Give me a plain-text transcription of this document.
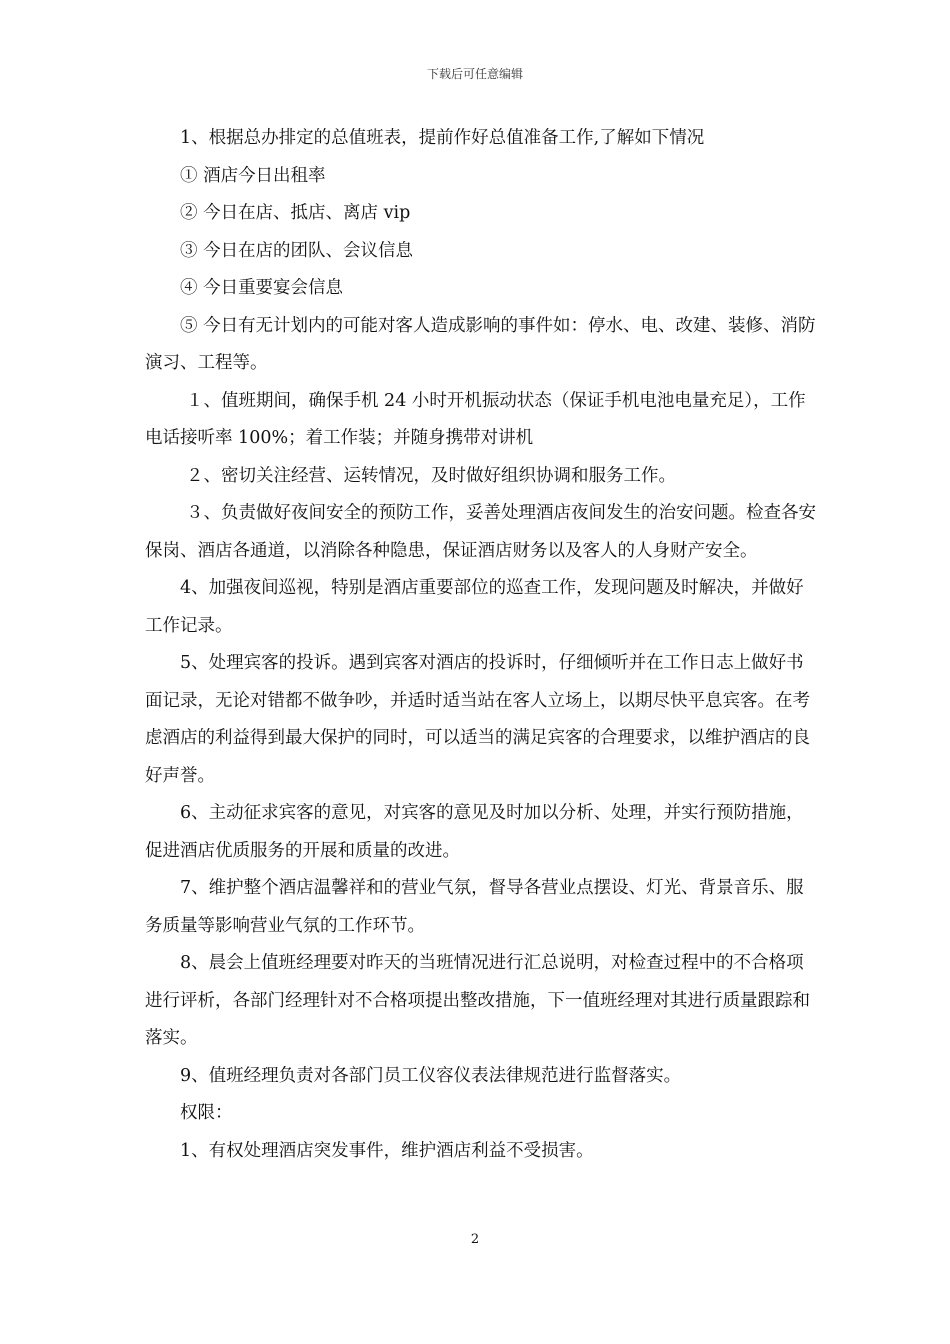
下载后可任意编辑

1、根据总办排定的总值班表，提前作好总值准备工作,了解如下情况

① 酒店今日出租率

② 今日在店、抵店、离店 vip

③ 今日在店的团队、会议信息

④ 今日重要宴会信息

⑤ 今日有无计划内的可能对客人造成影响的事件如：停水、电、改建、装修、消防演习、工程等。

１、值班期间，确保手机 24 小时开机振动状态（保证手机电池电量充足），工作电话接听率 100%；着工作装；并随身携带对讲机

２、密切关注经营、运转情况，及时做好组织协调和服务工作。

３、负责做好夜间安全的预防工作，妥善处理酒店夜间发生的治安问题。检查各安保岗、酒店各通道，以消除各种隐患，保证酒店财务以及客人的人身财产安全。

4、加强夜间巡视，特别是酒店重要部位的巡查工作，发现问题及时解决，并做好工作记录。

5、处理宾客的投诉。遇到宾客对酒店的投诉时，仔细倾听并在工作日志上做好书面记录，无论对错都不做争吵，并适时适当站在客人立场上，以期尽快平息宾客。在考虑酒店的利益得到最大保护的同时，可以适当的满足宾客的合理要求，以维护酒店的良好声誉。

6、主动征求宾客的意见，对宾客的意见及时加以分析、处理，并实行预防措施，促进酒店优质服务的开展和质量的改进。

7、维护整个酒店温馨祥和的营业气氛，督导各营业点摆设、灯光、背景音乐、服务质量等影响营业气氛的工作环节。

8、晨会上值班经理要对昨天的当班情况进行汇总说明，对检查过程中的不合格项进行评析，各部门经理针对不合格项提出整改措施，下一值班经理对其进行质量跟踪和落实。

9、值班经理负责对各部门员工仪容仪表法律规范进行监督落实。

权限：

1、有权处理酒店突发事件，维护酒店利益不受损害。

2
